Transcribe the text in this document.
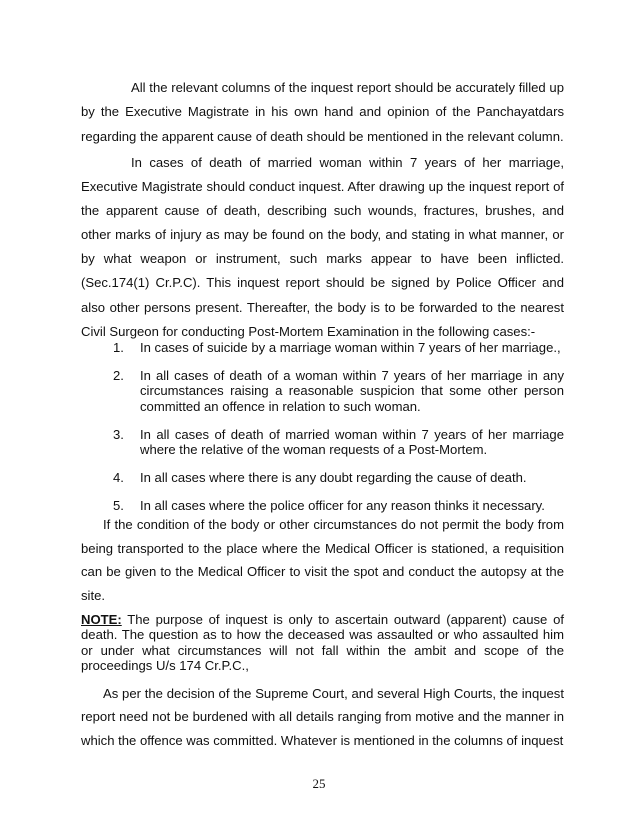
All the relevant columns of the inquest report should be accurately filled up by the Executive Magistrate in his own hand and opinion of the Panchayatdars regarding the apparent cause of death should be mentioned in the relevant column.

In cases of death of married woman within 7 years of her marriage, Executive Magistrate should conduct inquest. After drawing up the inquest report of the apparent cause of death, describing such wounds, fractures, brushes, and other marks of injury as may be found on the body, and stating in what manner, or by what weapon or instrument, such marks appear to have been inflicted. (Sec.174(1) Cr.P.C). This inquest report should be signed by Police Officer and also other persons present. Thereafter, the body is to be forwarded to the nearest Civil Surgeon for conducting Post-Mortem Examination in the following cases:-

1. In cases of suicide by a marriage woman within 7 years of her marriage.,
2. In all cases of death of a woman within 7 years of her marriage in any circumstances raising a reasonable suspicion that some other person committed an offence in relation to such woman.
3. In all cases of death of married woman within 7 years of her marriage where the relative of the woman requests of a Post-Mortem.
4. In all cases where there is any doubt regarding the cause of death.
5. In all cases where the police officer for any reason thinks it necessary.

If the condition of the body or other circumstances do not permit the body from being transported to the place where the Medical Officer is stationed, a requisition can be given to the Medical Officer to visit the spot and conduct the autopsy at the site.

NOTE: The purpose of inquest is only to ascertain outward (apparent) cause of death. The question as to how the deceased was assaulted or who assaulted him or under what circumstances will not fall within the ambit and scope of the proceedings U/s 174 Cr.P.C.,

As per the decision of the Supreme Court, and several High Courts, the inquest report need not be burdened with all details ranging from motive and the manner in which the offence was committed. Whatever is mentioned in the columns of inquest

25
